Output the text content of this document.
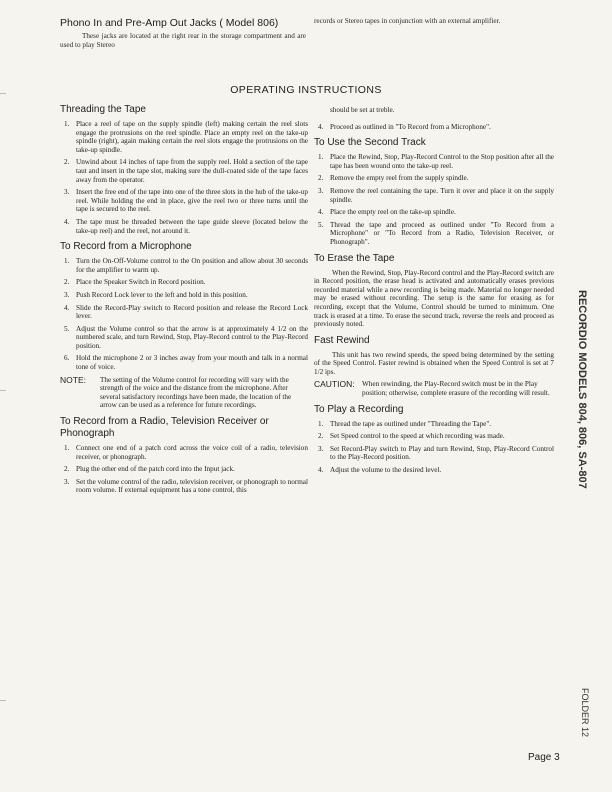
Phono In and Pre-Amp Out Jacks ( Model 806)
These jacks are located at the right rear in the storage compartment and are used to play Stereo
records or Stereo tapes in conjunction with an external amplifier.
OPERATING INSTRUCTIONS
Threading the Tape
1. Place a reel of tape on the supply spindle (left) making certain the reel slots engage the protrusions on the reel spindle. Place an empty reel on the take-up spindle (right), again making certain the reel slots engage the protrusions on the take-up spindle.
2. Unwind about 14 inches of tape from the supply reel. Hold a section of the tape taut and insert in the tape slot, making sure the dull-coated side of the tape faces away from the operator.
3. Insert the free end of the tape into one of the three slots in the hub of the take-up reel. While holding the end in place, give the reel two or three turns until the tape is secured to the reel.
4. The tape must be threaded between the tape guide sleeve (located below the take-up reel) and the reel, not around it.
To Record from a Microphone
1. Turn the On-Off-Volume control to the On position and allow about 30 seconds for the amplifier to warm up.
2. Place the Speaker Switch in Record position.
3. Push Record Lock lever to the left and hold in this position.
4. Slide the Record-Play switch to Record position and release the Record Lock lever.
5. Adjust the Volume control so that the arrow is at approximately 4 1/2 on the numbered scale, and turn Rewind, Stop, Play-Record control to the Play-Record position.
6. Hold the microphone 2 or 3 inches away from your mouth and talk in a normal tone of voice.
NOTE:	The setting of the Volume control for recording will vary with the strength of the voice and the distance from the microphone. After several satisfactory recordings have been made, the location of the arrow can be used as a reference for future recordings.
To Record from a Radio, Television Receiver or Phonograph
1. Connect one end of a patch cord across the voice coil of a radio, television receiver, or phonograph.
2. Plug the other end of the patch cord into the Input jack.
3. Set the volume control of the radio, television receiver, or phonograph to normal room volume. If external equipment has a tone control, this
should be set at treble.
4. Proceed as outlined in "To Record from a Microphone".
To Use the Second Track
1. Place the Rewind, Stop, Play-Record Control to the Stop position after all the tape has been wound onto the take-up reel.
2. Remove the empty reel from the supply spindle.
3. Remove the reel containing the tape. Turn it over and place it on the supply spindle.
4. Place the empty reel on the take-up spindle.
5. Thread the tape and proceed as outlined under "To Record from a Microphone" or "To Record from a Radio, Television Receiver, or Phonograph".
To Erase the Tape
When the Rewind, Stop, Play-Record control and the Play-Record switch are in Record position, the erase head is activated and automatically erases previous recorded material while a new recording is being made. Material no longer needed may be erased without recording. The setup is the same for erasing as for recording, except that the Volume, Control should be turned to minimum. One track is erased at a time. To erase the second track, reverse the reels and proceed as previously noted.
Fast Rewind
This unit has two rewind speeds, the speed being determined by the setting of the Speed Control. Faster rewind is obtained when the Speed Control is set at 7 1/2 ips.
CAUTION:	When rewinding, the Play-Record switch must be in the Play position; otherwise, complete erasure of the recording will result.
To Play a Recording
1. Thread the tape as outlined under "Threading the Tape".
2. Set Speed control to the speed at which recording was made.
3. Set Record-Play switch to Play and turn Rewind, Stop, Play-Record Control to the Play-Record position.
4. Adjust the volume to the desired level.
RECORDIO MODELS 804, 806, SA-807
FOLDER 12
Page 3
